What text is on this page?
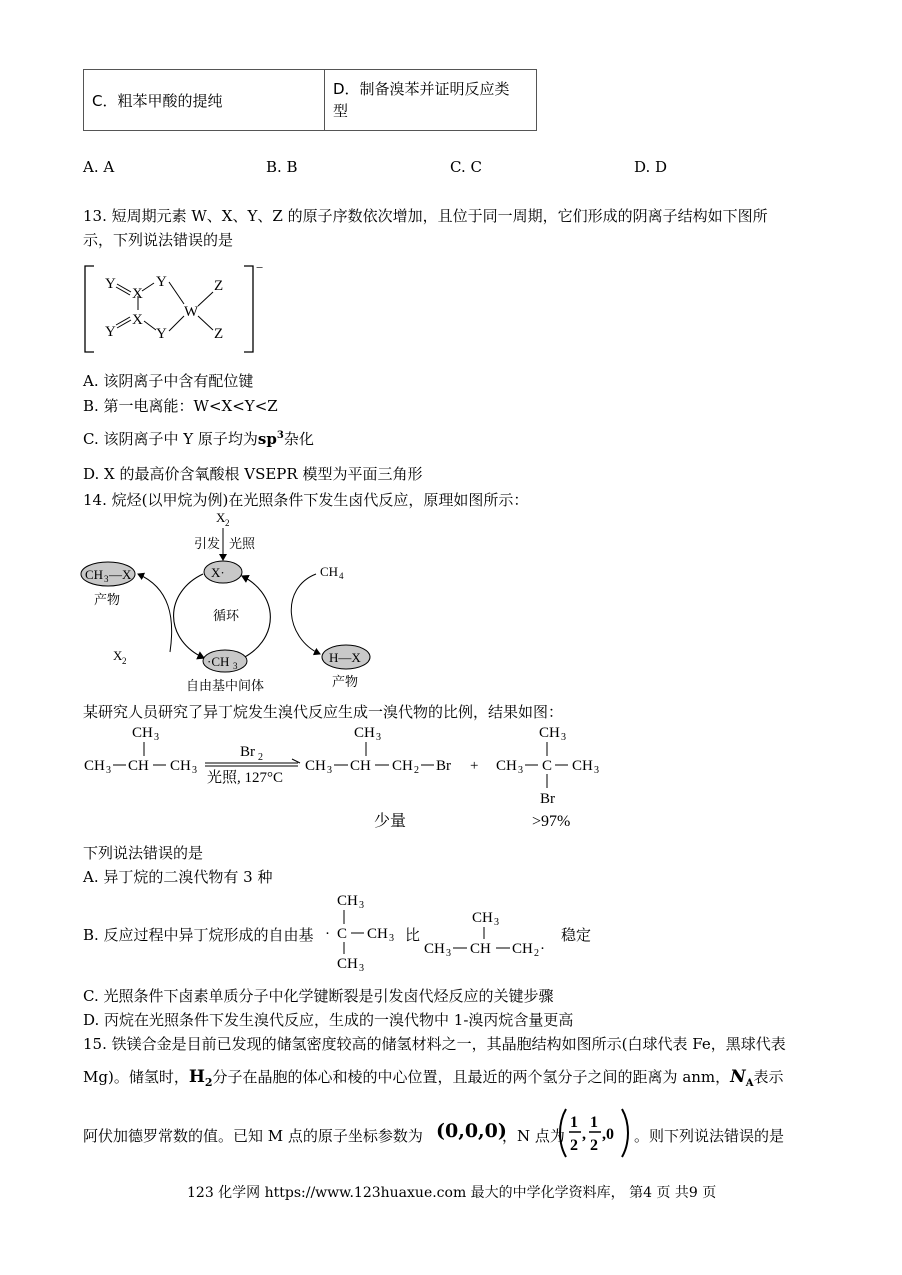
C．粗苯甲酸的提纯	
D．制备溴苯并证明反应类
型
A. A	B. B	C. C	D. D
13. 短周期元素 W、X、Y、Z 的原子序数依次增加，且位于同一周期，它们形成的阴离子结构如下图所
示，下列说法错误的是
−
Y
X
Y
W
Z
Y
X
Y	Z
A. 该阴离子中含有配位键
B. 第一电离能：W<X<Y<Z
C. 该阴离子中 Y 原子均为$sp^3$杂化
D. X 的最高价含氧酸根 VSEPR 模型为平面三角形
14. 烷烃(以甲烷为例)在光照条件下发生卤代反应，原理如图所示：
X 2
引发 光照
X·
循环
·CH 3
自由基中间体
CH 3 —X
产物
X 2
CH 4
H—X
产物
某研究人员研究了异丁烷发生溴代反应生成一溴代物的比例，结果如图：
CH 3
CH 3 CH CH 3
Br 2
光照, 127°C
CH 3
CH 3 CH CH 2 Br +
CH 3
CH 3 C CH 3
Br
少量	>97%
下列说法错误的是
A. 异丁烷的二溴代物有 3 种
B. 反应过程中异丁烷形成的自由基
CH 3
· C CH 3
CH 3
比
CH 3
CH 3 CH CH 2 ·
稳定
C. 光照条件下卤素单质分子中化学键断裂是引发卤代烃反应的关键步骤
D. 丙烷在光照条件下发生溴代反应，生成的一溴代物中 1-溴丙烷含量更高
15. 铁镁合金是目前已发现的储氢密度较高的储氢材料之一，其晶胞结构如图所示(白球代表 Fe，黑球代表
Mg)。储氢时，$H_2$分子在晶胞的体心和棱的中心位置，且最近的两个氢分子之间的距离为 anm，$N_A$表示
阿伏加德罗常数的值。已知 M 点的原子坐标参数为 (0,0,0)
，N 点为
1
2
,
1
2
,0 。则下列说法错误的是
123 化学网 https://www.123huaxue.com 最大的中学化学资料库， 第4 页 共9 页
